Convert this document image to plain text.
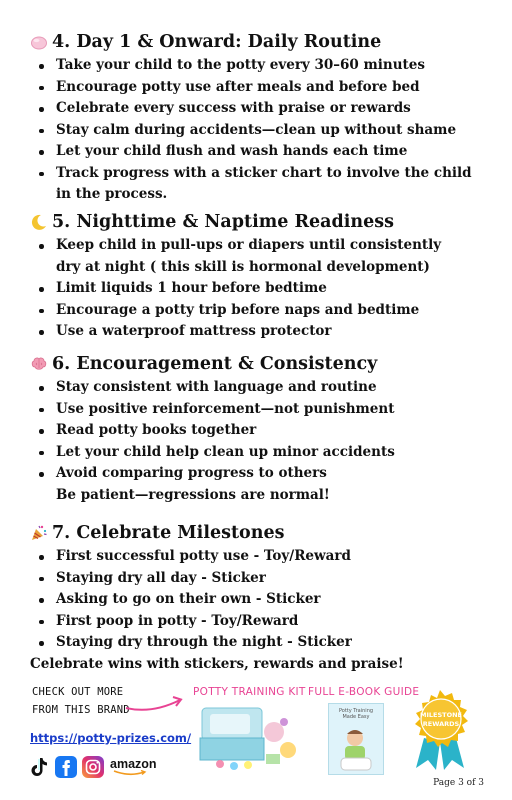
4. Day 1 & Onward: Daily Routine
Take your child to the potty every 30–60 minutes
Encourage potty use after meals and before bed
Celebrate every success with praise or rewards
Stay calm during accidents—clean up without shame
Let your child flush and wash hands each time
Track progress with a sticker chart to involve the child
in the process.
5. Nighttime & Naptime Readiness
Keep child in pull-ups or diapers until consistently
dry at night ( this skill is hormonal development)
Limit liquids 1 hour before bedtime
Encourage a potty trip before naps and bedtime
Use a waterproof mattress protector
6. Encouragement & Consistency
Stay consistent with language and routine
Use positive reinforcement—not punishment
Read potty books together
Let your child help clean up minor accidents
Avoid comparing progress to others
Be patient—regressions are normal!
7. Celebrate Milestones
First successful potty use - Toy/Reward
Staying dry all day - Sticker
Asking to go on their own - Sticker
First poop in potty - Toy/Reward
Staying dry through the night - Sticker
Celebrate wins with stickers, rewards and praise!
CHECK OUT MORE
FROM THIS BRAND
POTTY TRAINING KIT FULL E-BOOK GUIDE
Potty Training Made Easy	MILESTONE
REWARDS
https://potty-prizes.com/
amazon
Page 3 of 3
